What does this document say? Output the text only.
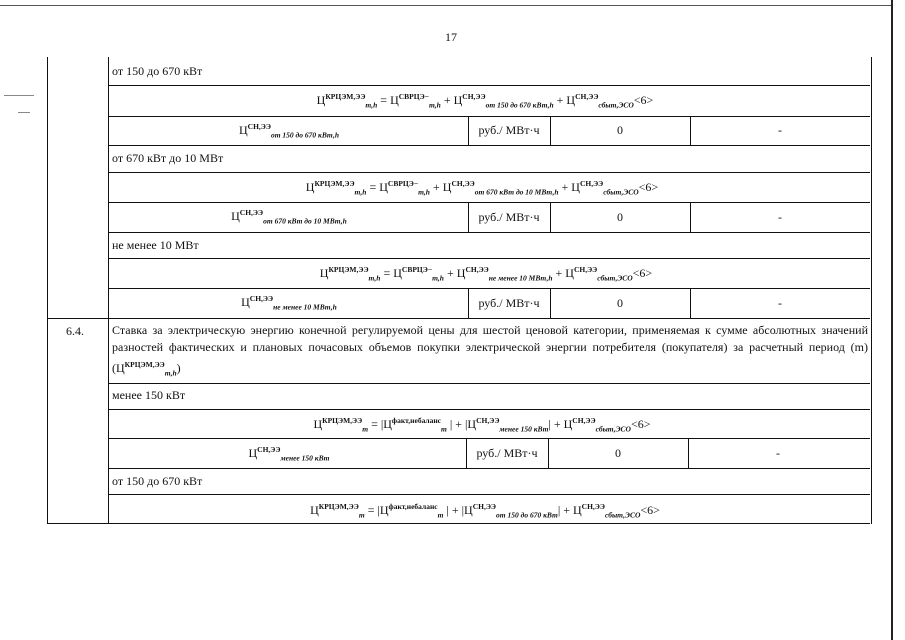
17
от 150 до 670 кВт
$Ц^{КРЦЭМ,ЭЭ}_{m,h} = Ц^{СВРЦЭ-}_{m,h} + Ц^{СН,ЭЭ}_{от 150 до 670 кВт,h} + Ц^{СН,ЭЭ}_{сбыт,ЭСО}<6>$
$Ц^{СН,ЭЭ}_{от 150 до 670 кВт,h}$	руб./ МВт·ч	0	-
от 670 кВт до 10 МВт
$Ц^{КРЦЭМ,ЭЭ}_{m,h} = Ц^{СВРЦЭ-}_{m,h} + Ц^{СН,ЭЭ}_{от 670 кВт до 10 МВт,h} + Ц^{СН,ЭЭ}_{сбыт,ЭСО}<6>$
$Ц^{СН,ЭЭ}_{от 670 кВт до 10 МВт,h}$	руб./ МВт·ч	0	-
не менее 10 МВт
$Ц^{КРЦЭМ,ЭЭ}_{m,h} = Ц^{СВРЦЭ-}_{m,h} + Ц^{СН,ЭЭ}_{не менее 10 МВт,h} + Ц^{СН,ЭЭ}_{сбыт,ЭСО}<6>$
$Ц^{СН,ЭЭ}_{не менее 10 МВт,h}$	руб./ МВт·ч	0	-
6.4. Ставка за электрическую энергию конечной регулируемой цены для шестой ценовой категории, применяемая к сумме абсолютных значений разностей фактических и плановых почасовых объемов покупки электрической энергии потребителя (покупателя) за расчетный период (m) $(Ц^{КРЦЭМ,ЭЭ}_{m,h})$
менее 150 кВт
$Ц^{КРЦЭМ,ЭЭ}_m = |Ц^{факт,небаланс}_m$ | + $|Ц^{СН,ЭЭ}_{менее 150 кВт}| + Ц^{СН,ЭЭ}_{сбыт,ЭСО}<6>$
$Ц^{СН,ЭЭ}_{менее 150 кВт}$	руб./ МВт·ч	0	-
от 150 до 670 кВт
$Ц^{КРЦЭМ,ЭЭ}_m = |Ц^{факт,небаланс}_m$ | + $|Ц^{СН,ЭЭ}_{от 150 до 670 кВт}| + Ц^{СН,ЭЭ}_{сбыт,ЭСО}<6>$
